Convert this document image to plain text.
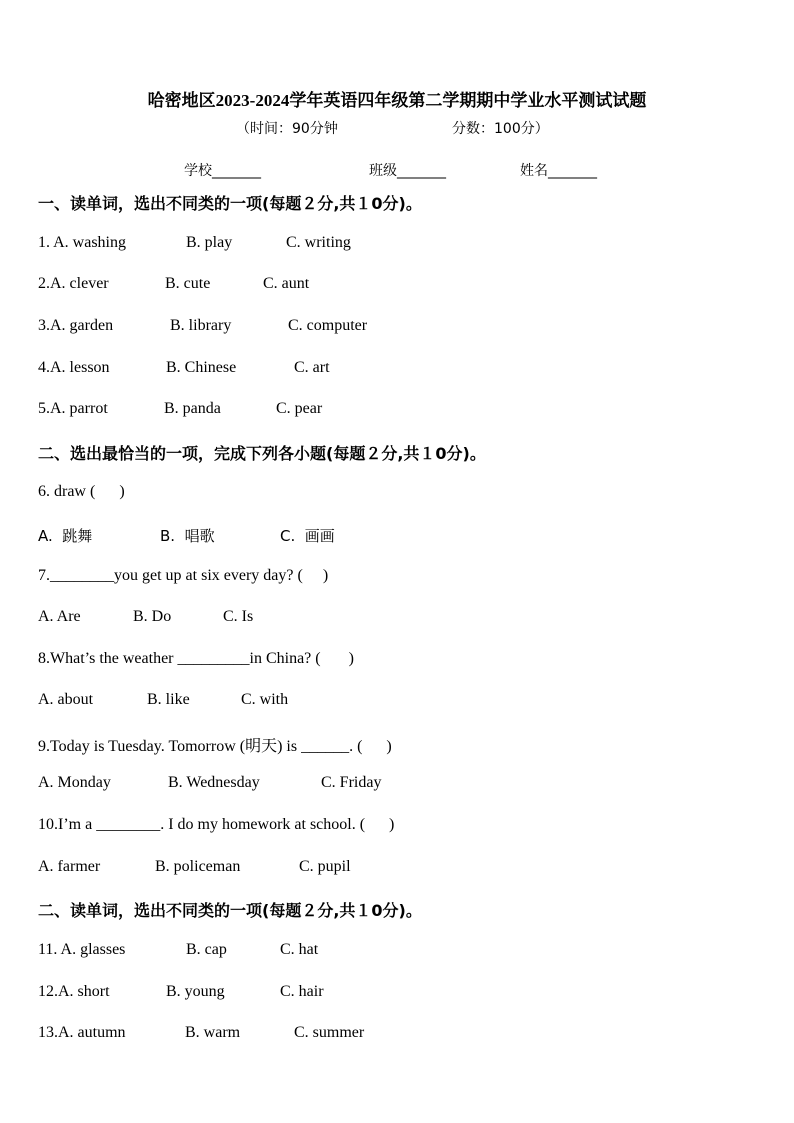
哈密地区2023-2024学年英语四年级第二学期期中学业水平测试试题
（时间：90分钟	分数：100分）
学校_______	班级_______	姓名_______
一、读单词，选出不同类的一项(每题２分,共１0分)。
1. A. washing	B. play	C. writing
2.A. clever	B. cute	C. aunt
3.A. garden	B. library	C. computer
4.A. lesson	B. Chinese	C. art
5.A. parrot	B. panda	C. pear
二、选出最恰当的一项，完成下列各小题(每题２分,共１0分)。
6. draw (      )
A.  跳舞	B.  唱歌	C.  画画
7.________you get up at six every day? (     )
A. Are	B. Do	C. Is
8.What’s the weather _________in China? (       )
A. about	B. like	C. with
9.Today is Tuesday. Tomorrow (明天) is ______. (      )
A. Monday	B. Wednesday	C. Friday
10.I’m a ________. I do my homework at school. (      )
A. farmer	B. policeman	C. pupil
二、读单词，选出不同类的一项(每题２分,共１0分)。
11. A. glasses	B. cap	C. hat
12.A. short	B. young	C. hair
13.A. autumn	B. warm	C. summer
